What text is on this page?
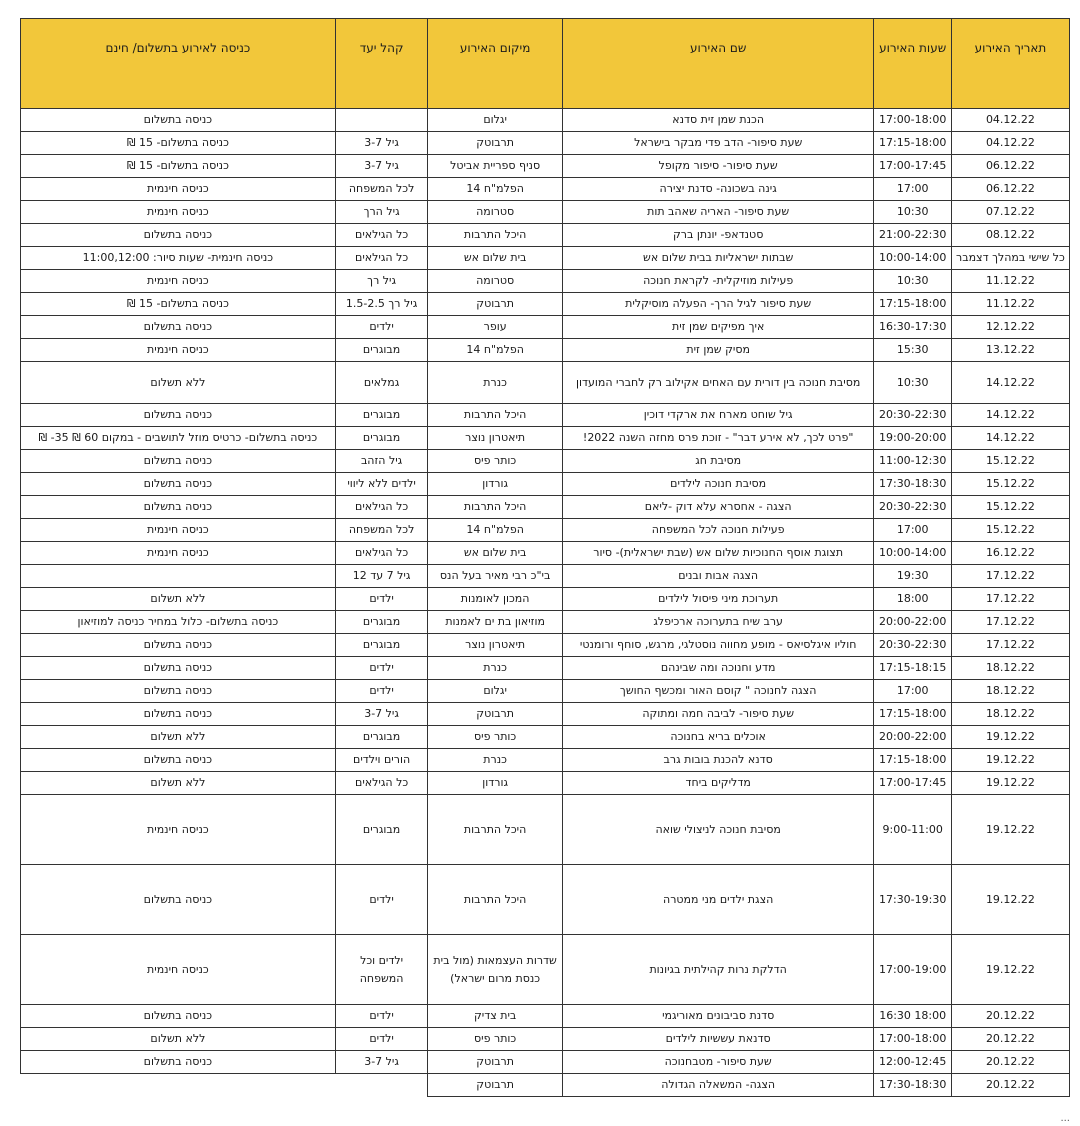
תאריך האירוע	שעות האירוע	שם האירוע	מיקום האירוע	קהל יעד	כניסה לאירוע בתשלום/ חינם
04.12.22	17:00-18:00	הכנת שמן זית סדנא	יגלום		כניסה בתשלום
04.12.22	17:15-18:00	שעת סיפור- הדב פדי מבקר בישראל	תרבוטק	גיל 3-7	כניסה בתשלום- 15 ₪
06.12.22	17:00-17:45	שעת סיפור- סיפור מקופל	סניף ספריית אביטל	גיל 3-7	כניסה בתשלום- 15 ₪
06.12.22	17:00	גינה בשכונה- סדנת יצירה	הפלמ"ח 14	לכל המשפחה	כניסה חינמית
07.12.22	10:30	שעת סיפור- האריה שאהב תות	סטרומה	גיל הרך	כניסה חינמית
08.12.22	21:00-22:30	סטנדאפ- יונתן ברק	היכל התרבות	כל הגילאים	כניסה בתשלום
כל שישי במהלך דצמבר	10:00-14:00	שבתות ישראליות בבית שלום אש	בית שלום אש	כל הגילאים	כניסה חינמית- שעות סיור: 11:00,12:00
11.12.22	10:30	פעילות מוזיקלית- לקראת חנוכה	סטרומה	גיל רך	כניסה חינמית
11.12.22	17:15-18:00	שעת סיפור לגיל הרך- הפעלה מוסיקלית	תרבוטק	גיל רך 1.5-2.5	כניסה בתשלום- 15 ₪
12.12.22	16:30-17:30	איך מפיקים שמן זית	עופר	ילדים	כניסה בתשלום
13.12.22	15:30	מסיק שמן זית	הפלמ"ח 14	מבוגרים	כניסה חינמית
14.12.22	10:30	מסיבת חנוכה בין דורית עם האחים אקילוב רק לחברי המועדון	כנרת	גמלאים	ללא תשלום
14.12.22	20:30-22:30	גיל שוחט מארח את ארקדי דוכין	היכל התרבות	מבוגרים	כניסה בתשלום
14.12.22	19:00-20:00	"פרט לכך, לא אירע דבר" - זוכת פרס מחזה השנה 2022!	תיאטרון נוצר	מבוגרים	כניסה בתשלום- כרטיס מוזל לתושבים - במקום 60 ₪ 35- ₪
15.12.22	11:00-12:30	מסיבת חג	כותר פיס	גיל הזהב	כניסה בתשלום
15.12.22	17:30-18:30	מסיבת חנוכה לילדים	גורדון	ילדים ללא ליווי	כניסה בתשלום
15.12.22	20:30-22:30	הצגה - אחסרא עלא דוק -ליאם	היכל התרבות	כל הגילאים	כניסה בתשלום
15.12.22	17:00	פעילות חנוכה לכל המשפחה	הפלמ"ח 14	לכל המשפחה	כניסה חינמית
16.12.22	10:00-14:00	תצוגת אוסף החנוכיות שלום אש (שבת ישראלית)- סיור	בית שלום אש	כל הגילאים	כניסה חינמית
17.12.22	19:30	הצגה אבות ובנים	בי"כ רבי מאיר בעל הנס	גיל 7 עד 12	
17.12.22	18:00	תערוכת מיני פיסול לילדים	המכון לאומנות	ילדים	ללא תשלום
17.12.22	20:00-22:00	ערב שיח בתערוכה ארכיפלג	מוזיאון בת ים לאמנות	מבוגרים	כניסה בתשלום- כלול במחיר כניסה למוזיאון
17.12.22	20:30-22:30	חוליו איגלסיאס - מופע מחווה נוסטלגי, מרגש, סוחף ורומנטי	תיאטרון נוצר	מבוגרים	כניסה בתשלום
18.12.22	17:15-18:15	מדע וחנוכה ומה שבינהם	כנרת	ילדים	כניסה בתשלום
18.12.22	17:00	הצגה לחנוכה " קוסם האור ומכשף החושך	יגלום	ילדים	כניסה בתשלום
18.12.22	17:15-18:00	שעת סיפור- לביבה חמה ומתוקה	תרבוטק	גיל 3-7	כניסה בתשלום
19.12.22	20:00-22:00	אוכלים בריא בחנוכה	כותר פיס	מבוגרים	ללא תשלום
19.12.22	17:15-18:00	סדנא להכנת בובות גרב	כנרת	הורים וילדים	כניסה בתשלום
19.12.22	17:00-17:45	מדליקים ביחד	גורדון	כל הגילאים	ללא תשלום
19.12.22	9:00-11:00	מסיבת חנוכה לניצולי שואה	היכל התרבות	מבוגרים	כניסה חינמית
19.12.22	17:30-19:30	הצגת ילדים מני ממטרה	היכל התרבות	ילדים	כניסה בתשלום
19.12.22	17:00-19:00	הדלקת נרות קהילתית בגיונות	שדרות העצמאות (מול בית כנסת מרום ישראל)	ילדים וכל המשפחה	כניסה חינמית
20.12.22	16:30 18:00	סדנת סביבונים מאוריגמי	בית צדיק	ילדים	כניסה בתשלום
20.12.22	17:00-18:00	סדנאת עששיות לילדים	כותר פיס	ילדים	ללא תשלום
20.12.22	12:00-12:45	שעת סיפור- מטבחנוכה	תרבוטק	גיל 3-7	כניסה בתשלום
20.12.22	17:30-18:30	הצגה- המשאלה הגדולה	תרבוטק		
...
